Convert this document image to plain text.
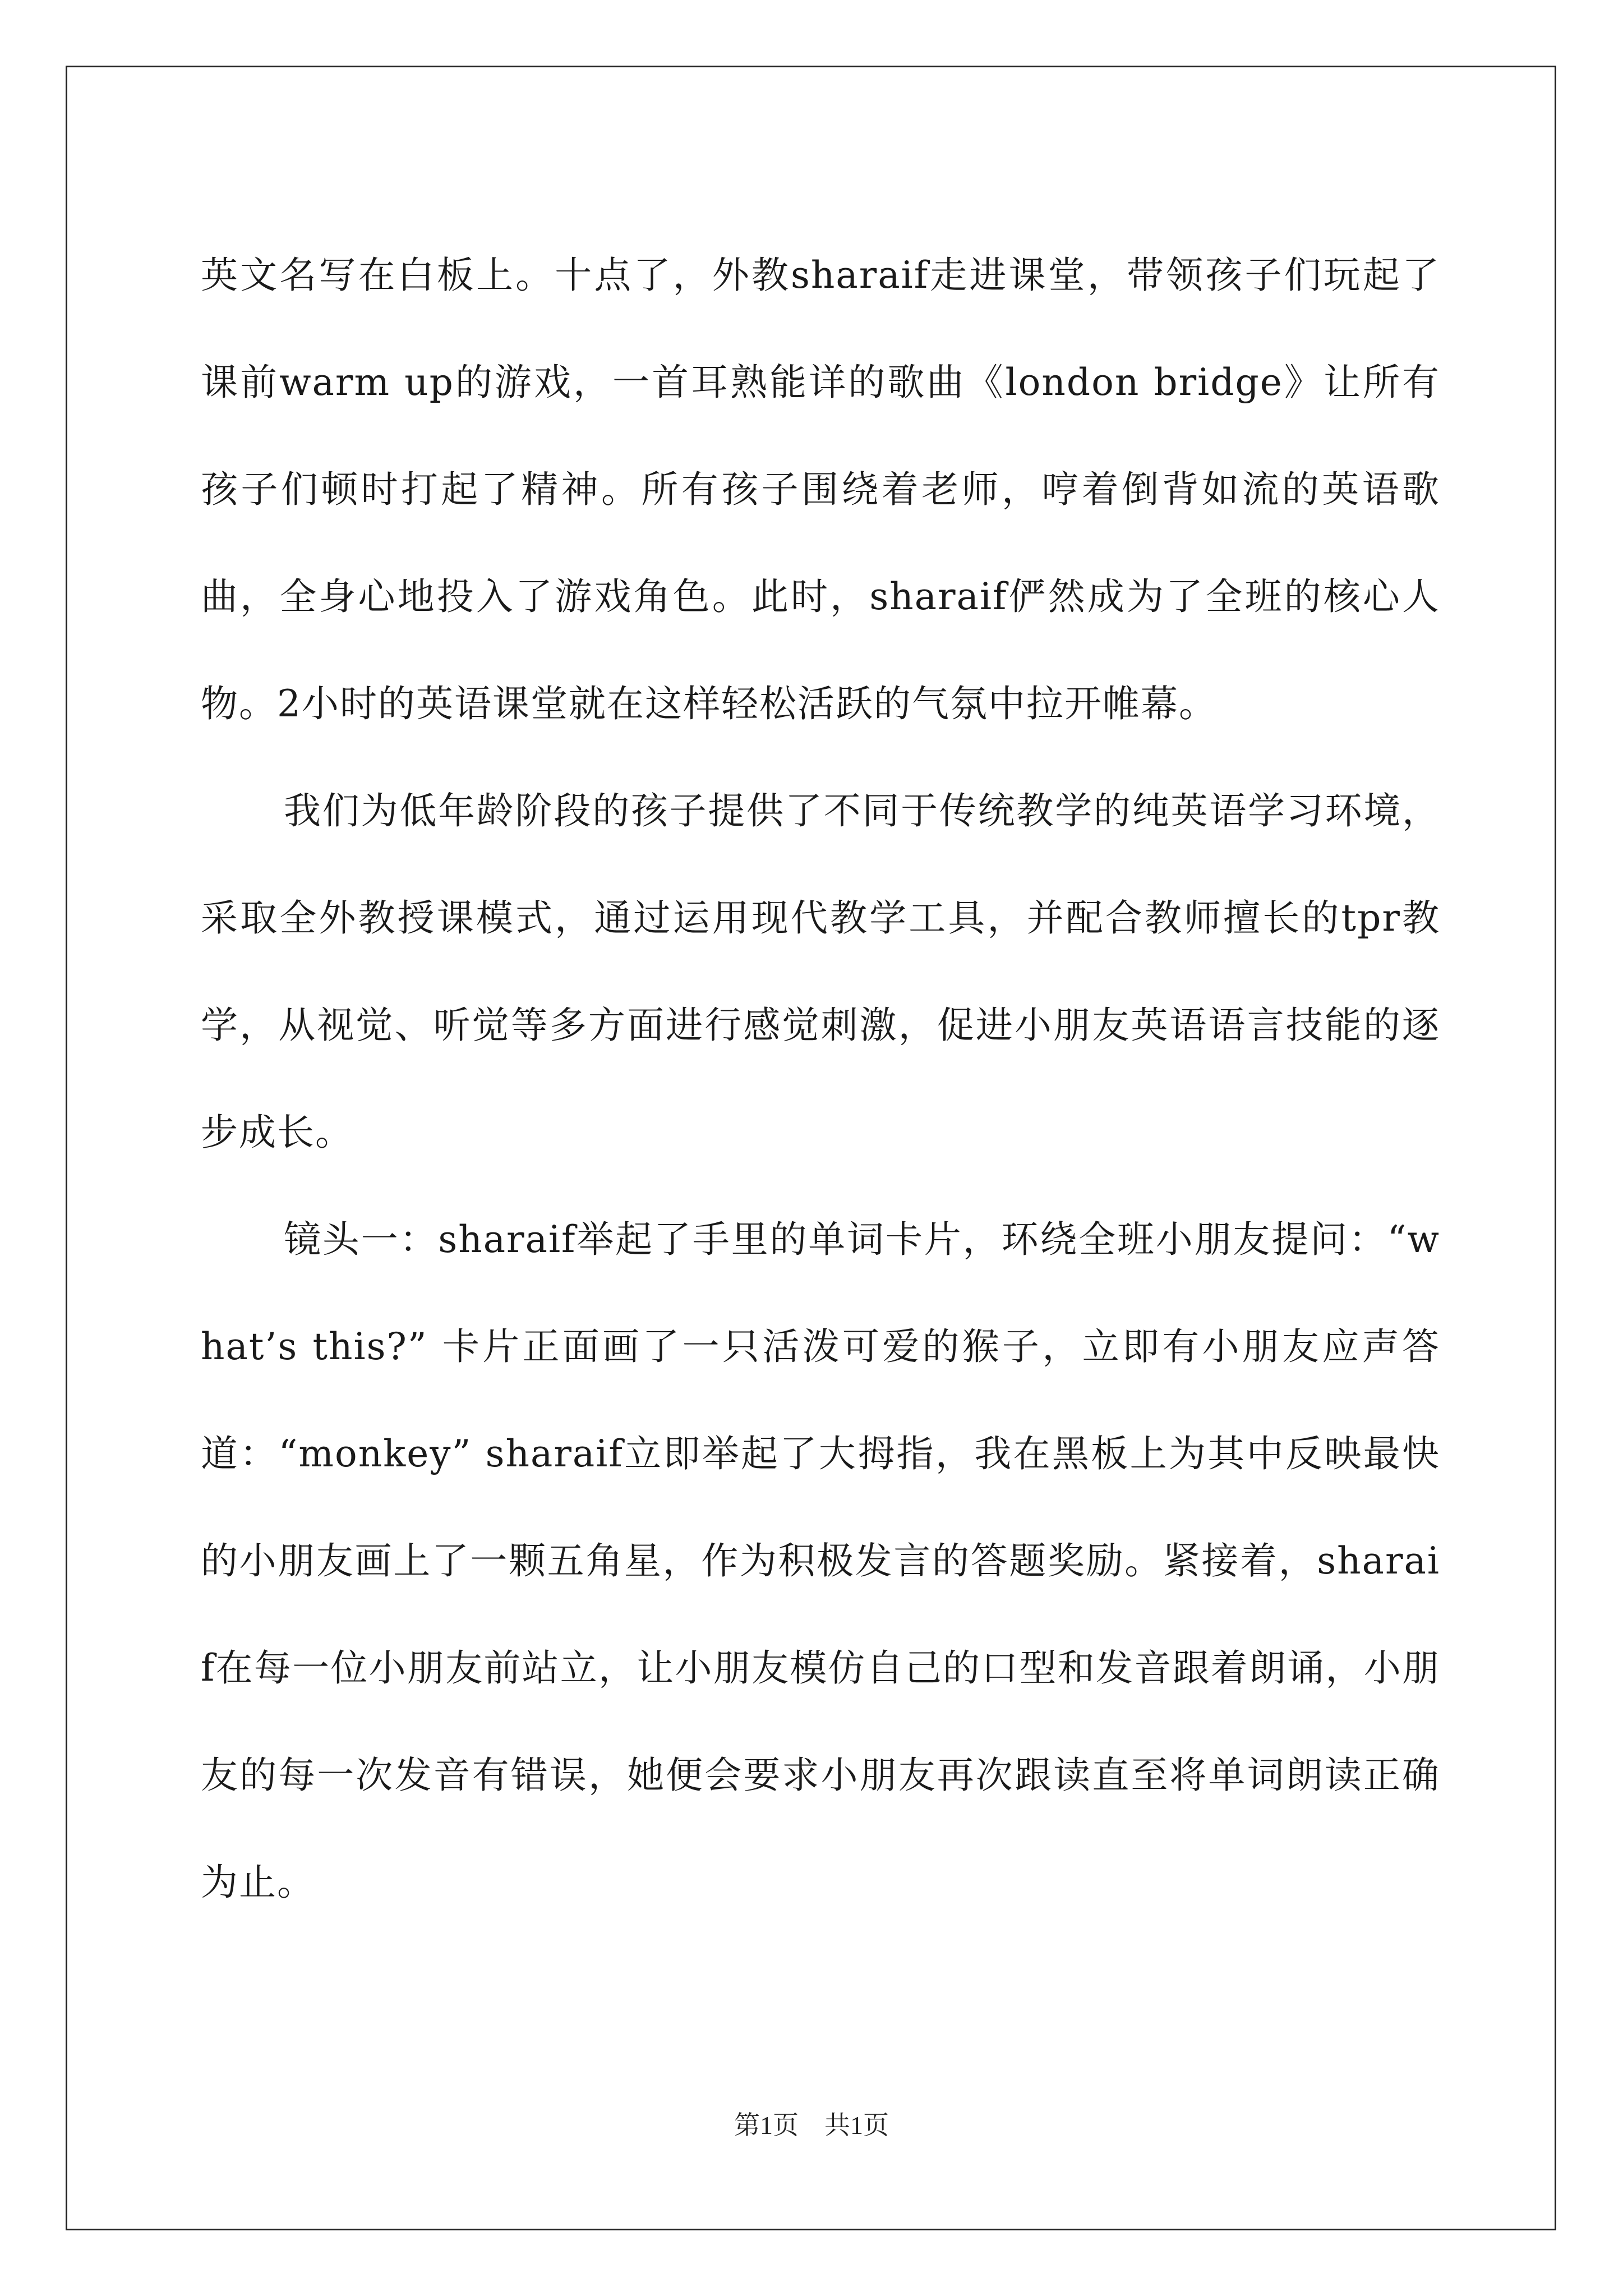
英文名写在白板上。十点了，外教sharaif走进课堂，带领孩子们玩起了课前warm up的游戏，一首耳熟能详的歌曲《london bridge》让所有孩子们顿时打起了精神。所有孩子围绕着老师，哼着倒背如流的英语歌曲，全身心地投入了游戏角色。此时，sharaif俨然成为了全班的核心人物。2小时的英语课堂就在这样轻松活跃的气氛中拉开帷幕。

我们为低年龄阶段的孩子提供了不同于传统教学的纯英语学习环境，采取全外教授课模式，通过运用现代教学工具，并配合教师擅长的tpr教学，从视觉、听觉等多方面进行感觉刺激，促进小朋友英语语言技能的逐步成长。

镜头一：sharaif举起了手里的单词卡片，环绕全班小朋友提问：“what’s this?” 卡片正面画了一只活泼可爱的猴子，立即有小朋友应声答道：“monkey” sharaif立即举起了大拇指，我在黑板上为其中反映最快的小朋友画上了一颗五角星，作为积极发言的答题奖励。紧接着，sharaif在每一位小朋友前站立，让小朋友模仿自己的口型和发音跟着朗诵，小朋友的每一次发音有错误，她便会要求小朋友再次跟读直至将单词朗读正确为止。

第1页　共1页
